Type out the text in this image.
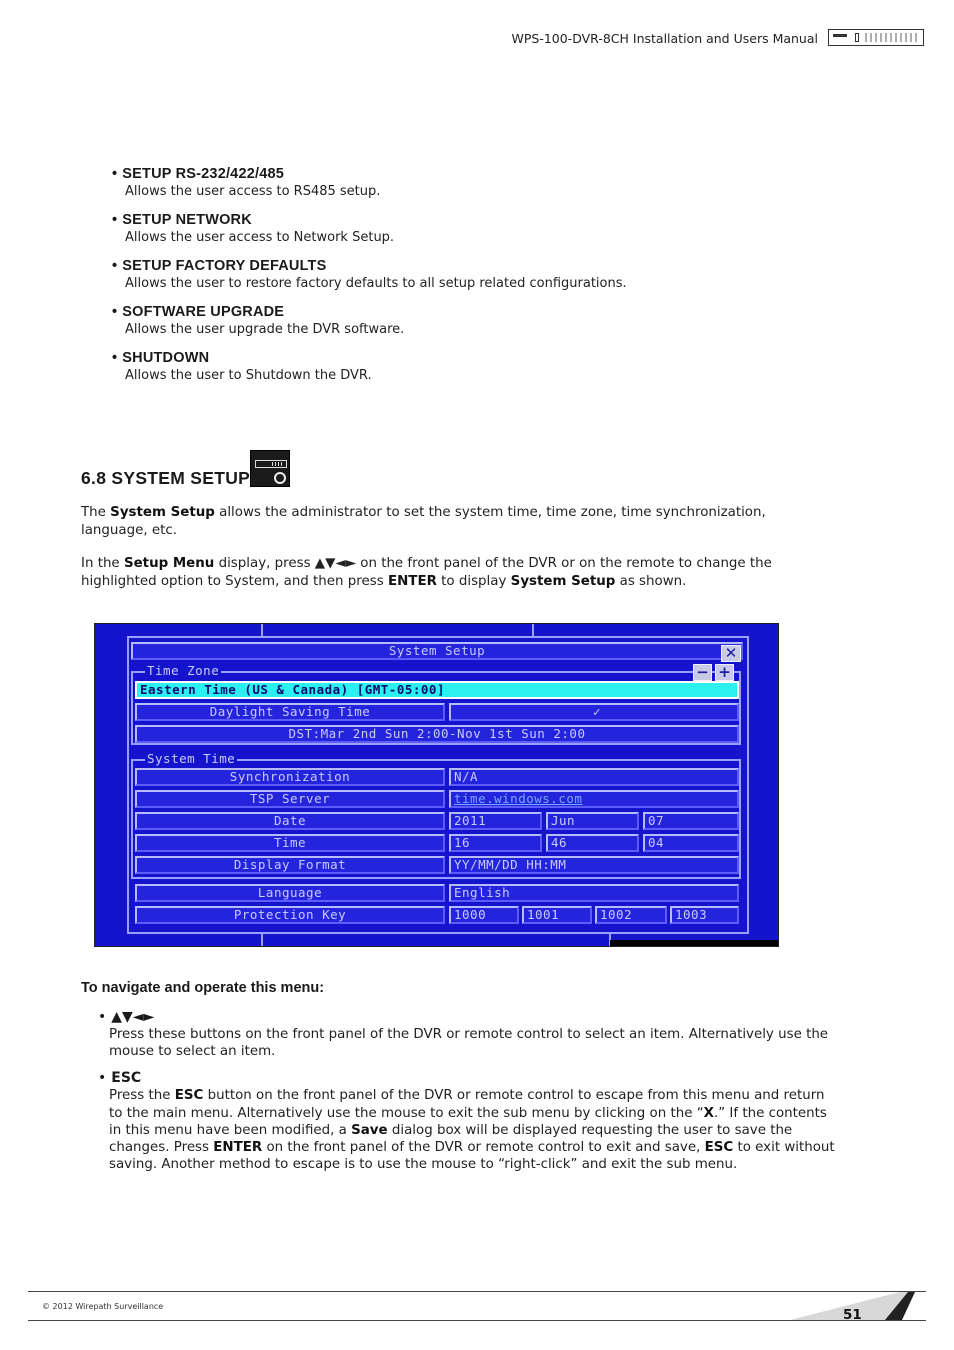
WPS-100-DVR-8CH Installation and Users Manual
• SETUP RS-232/422/485
Allows the user access to RS485 setup.
• SETUP NETWORK
Allows the user access to Network Setup.
• SETUP FACTORY DEFAULTS
Allows the user to restore factory defaults to all setup related configurations.
• SOFTWARE UPGRADE
Allows the user upgrade the DVR software.
• SHUTDOWN
Allows the user to Shutdown the DVR.
6.8 SYSTEM SETUP
The System Setup allows the administrator to set the system time, time zone, time synchronization, language, etc.
In the Setup Menu display, press ▲▼◄► on the front panel of the DVR or on the remote to change the highlighted option to System, and then press ENTER to display System Setup as shown.
System Setup	✕
Time Zone	− +
Eastern Time (US & Canada) [GMT-05:00]
Daylight Saving Time	✓
DST:Mar 2nd Sun 2:00-Nov 1st Sun 2:00
System Time
Synchronization	N/A
TSP Server	time.windows.com
Date	2011	Jun	07
Time	16	46	04
Display Format	YY/MM/DD HH:MM
Language	English
Protection Key	1000	1001	1002	1003
To navigate and operate this menu:
• ▲▼◄►
Press these buttons on the front panel of the DVR or remote control to select an item. Alternatively use the mouse to select an item.
• ESC
Press the ESC button on the front panel of the DVR or remote control to escape from this menu and return to the main menu. Alternatively use the mouse to exit the sub menu by clicking on the “X.” If the contents in this menu have been modified, a Save dialog box will be displayed requesting the user to save the changes. Press ENTER on the front panel of the DVR or remote control to exit and save, ESC to exit without saving. Another method to escape is to use the mouse to “right-click” and exit the sub menu.
© 2012 Wirepath Surveillance
51
